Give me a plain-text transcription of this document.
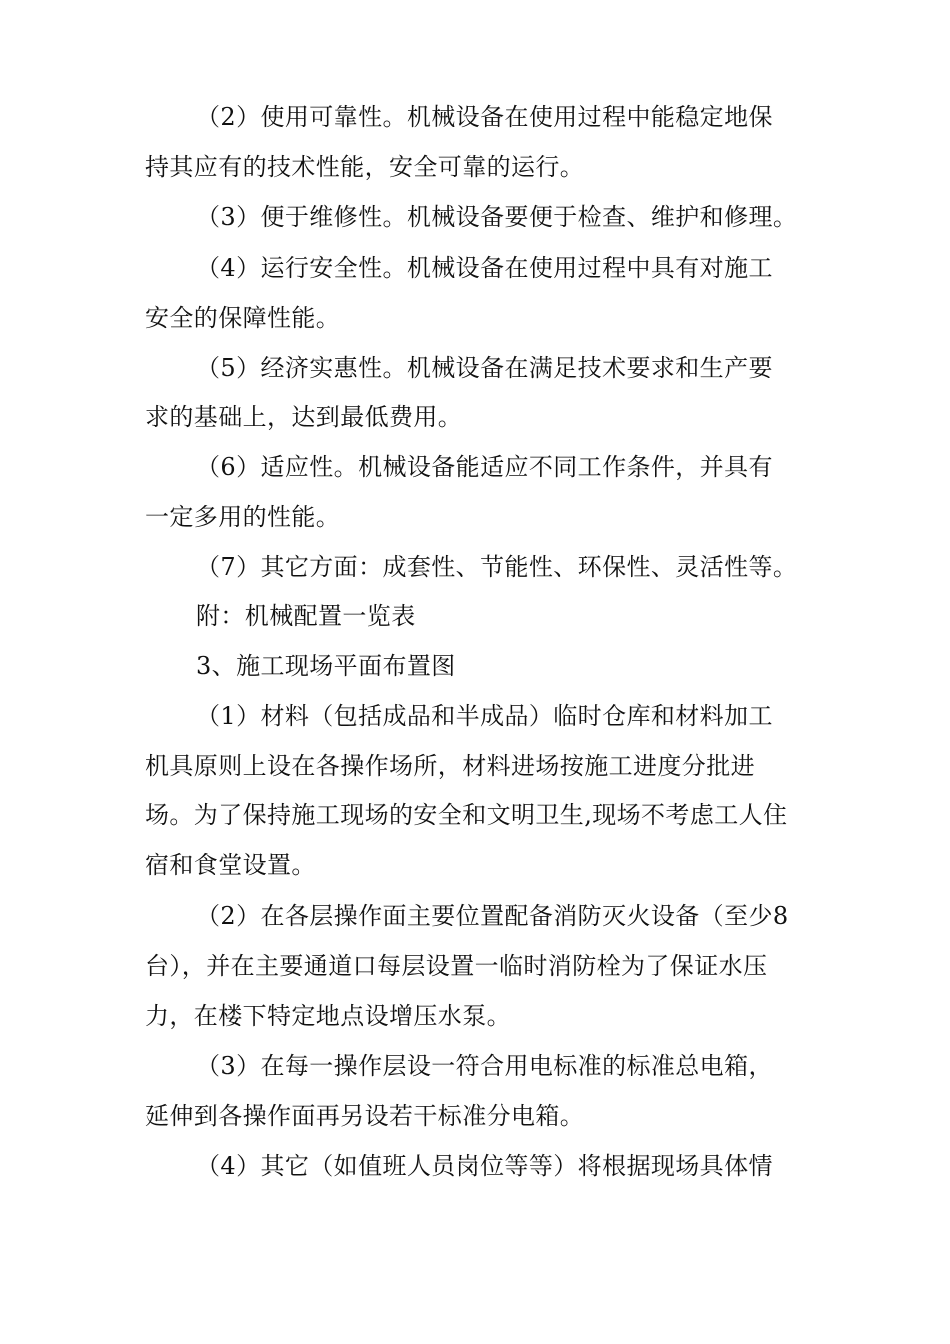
（2）使用可靠性。机械设备在使用过程中能稳定地保
持其应有的技术性能，安全可靠的运行。
（3）便于维修性。机械设备要便于检查、维护和修理。
（4）运行安全性。机械设备在使用过程中具有对施工
安全的保障性能。
（5）经济实惠性。机械设备在满足技术要求和生产要
求的基础上，达到最低费用。
（6）适应性。机械设备能适应不同工作条件，并具有
一定多用的性能。
（7）其它方面：成套性、节能性、环保性、灵活性等。
附：机械配置一览表
3、施工现场平面布置图
（1）材料（包括成品和半成品）临时仓库和材料加工
机具原则上设在各操作场所，材料进场按施工进度分批进
场。为了保持施工现场的安全和文明卫生,现场不考虑工人住
宿和食堂设置。
（2）在各层操作面主要位置配备消防灭火设备（至少8
台），并在主要通道口每层设置一临时消防栓为了保证水压
力，在楼下特定地点设增压水泵。
（3）在每一操作层设一符合用电标准的标准总电箱，
延伸到各操作面再另设若干标准分电箱。
（4）其它（如值班人员岗位等等）将根据现场具体情
